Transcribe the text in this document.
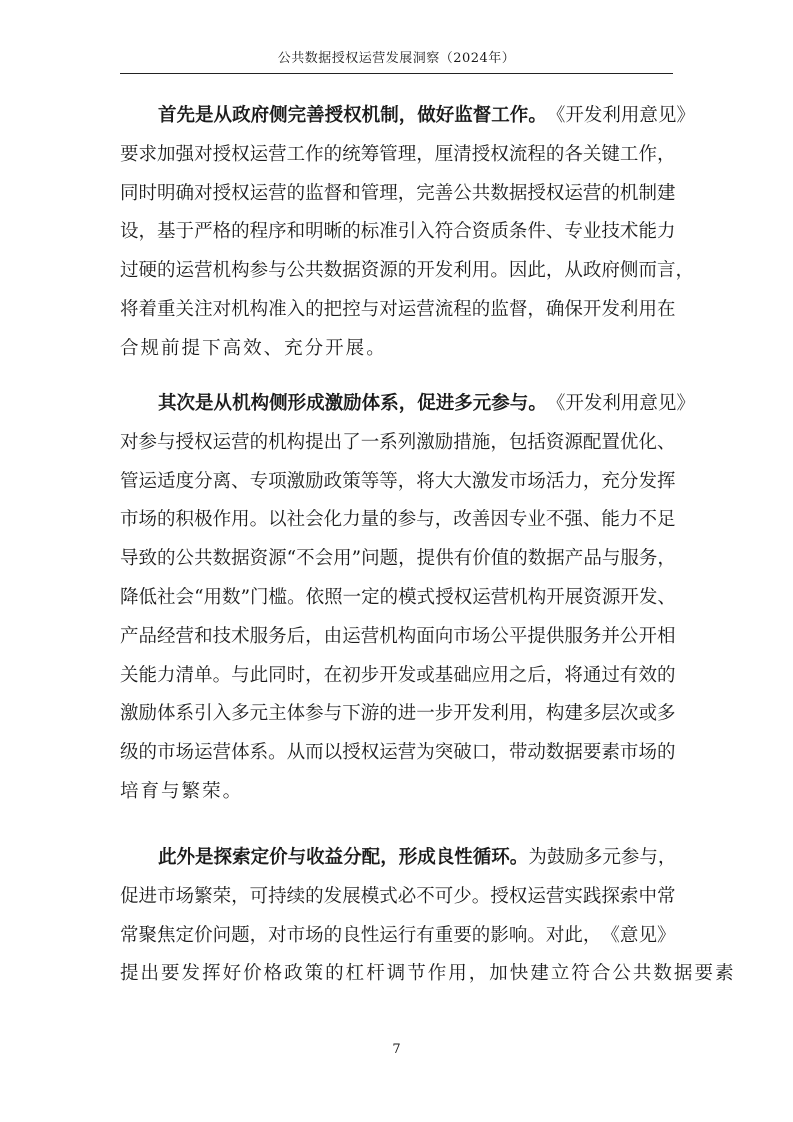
公共数据授权运营发展洞察（2024年）
首 先 是 从 政 府 侧 完 善 授 权 机 制 ， 做 好 监 督 工 作 。 《 开 发 利 用 意 见 》
要 求 加 强 对 授 权 运 营 工 作 的 统 筹 管 理 ， 厘 清 授 权 流 程 的 各 关 键 工 作 ，
同 时 明 确 对 授 权 运 营 的 监 督 和 管 理 ， 完 善 公 共 数 据 授 权 运 营 的 机 制 建
设 ， 基 于 严 格 的 程 序 和 明 晰 的 标 准 引 入 符 合 资 质 条 件 、 专 业 技 术 能 力
过 硬 的 运 营 机 构 参 与 公 共 数 据 资 源 的 开 发 利 用 。 因 此 ， 从 政 府 侧 而 言 ，
将 着 重 关 注 对 机 构 准 入 的 把 控 与 对 运 营 流 程 的 监 督 ， 确 保 开 发 利 用 在
合 规 前 提 下 高 效 、 充 分 开 展 。
其 次 是 从 机 构 侧 形 成 激 励 体 系 ， 促 进 多 元 参 与 。 《 开 发 利 用 意 见 》
对 参 与 授 权 运 营 的 机 构 提 出 了 一 系 列 激 励 措 施 ， 包 括 资 源 配 置 优 化 、
管 运 适 度 分 离 、 专 项 激 励 政 策 等 等 ， 将 大 大 激 发 市 场 活 力 ， 充 分 发 挥
市 场 的 积 极 作 用 。 以 社 会 化 力 量 的 参 与 ， 改 善 因 专 业 不 强 、 能 力 不 足
导 致 的 公 共 数 据 资 源 “ 不 会 用 ” 问 题 ， 提 供 有 价 值 的 数 据 产 品 与 服 务 ，
降 低 社 会 “ 用 数 ” 门 槛 。 依 照 一 定 的 模 式 授 权 运 营 机 构 开 展 资 源 开 发 、
产 品 经 营 和 技 术 服 务 后 ， 由 运 营 机 构 面 向 市 场 公 平 提 供 服 务 并 公 开 相
关 能 力 清 单 。 与 此 同 时 ， 在 初 步 开 发 或 基 础 应 用 之 后 ， 将 通 过 有 效 的
激 励 体 系 引 入 多 元 主 体 参 与 下 游 的 进 一 步 开 发 利 用 ， 构 建 多 层 次 或 多
级 的 市 场 运 营 体 系 。 从 而 以 授 权 运 营 为 突 破 口 ， 带 动 数 据 要 素 市 场 的
培 育 与 繁 荣 。
此 外 是 探 索 定 价 与 收 益 分 配 ， 形 成 良 性 循 环 。 为 鼓 励 多 元 参 与 ，
促 进 市 场 繁 荣 ， 可 持 续 的 发 展 模 式 必 不 可 少 。 授 权 运 营 实 践 探 索 中 常
常 聚 焦 定 价 问 题 ， 对 市 场 的 良 性 运 行 有 重 要 的 影 响 。 对 此 ， 《 意 见 》
提 出 要 发 挥 好 价 格 政 策 的 杠 杆 调 节 作 用 ， 加 快 建 立 符 合 公 共 数 据 要 素
7
